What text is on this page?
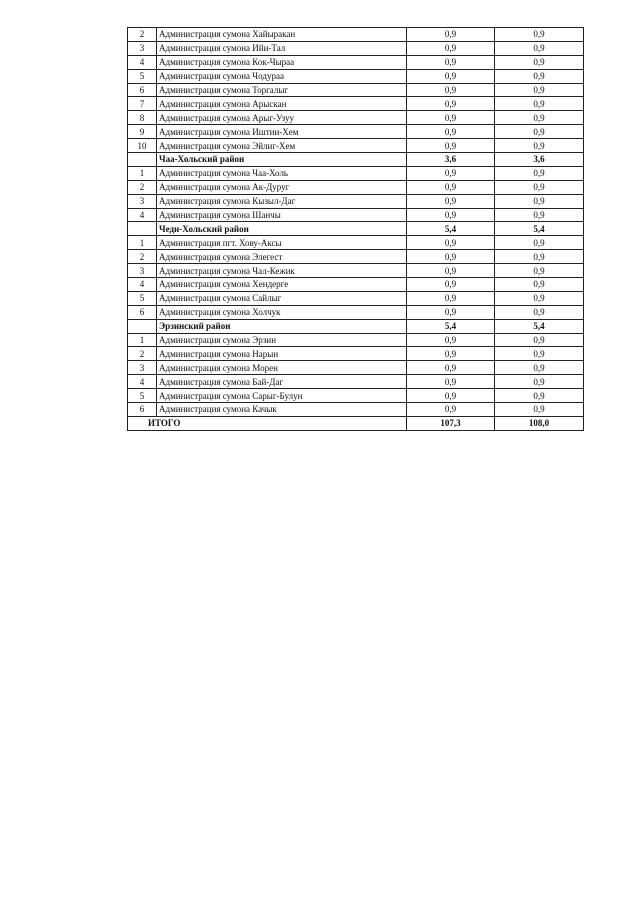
2	Администрация сумона Хайыракан	0,9	0,9
3	Администрация сумона Ийи-Тал	0,9	0,9
4	Администрация сумона Кок-Чыраа	0,9	0,9
5	Администрация сумона Чодураа	0,9	0,9
6	Администрация сумона Торгалыг	0,9	0,9
7	Администрация сумона Арыскан	0,9	0,9
8	Администрация сумона Арыг-Узуу	0,9	0,9
9	Администрация сумона Иштии-Хем	0,9	0,9
10	Администрация сумона Эйлиг-Хем	0,9	0,9
	Чаа-Хольский район	3,6	3,6
1	Администрация сумона Чаа-Холь	0,9	0,9
2	Администрация сумона Ак-Дуруг	0,9	0,9
3	Администрация сумона Кызыл-Даг	0,9	0,9
4	Администрация сумона Шанчы	0,9	0,9
	Чеди-Хольский район	5,4	5,4
1	Администрация пгт. Хову-Аксы	0,9	0,9
2	Администрация сумона Элегест	0,9	0,9
3	Администрация сумона Чал-Кежик	0,9	0,9
4	Администрация сумона Хендерге	0,9	0,9
5	Администрация сумона Сайлыг	0,9	0,9
6	Администрация сумона Холчук	0,9	0,9
	Эрзинский район	5,4	5,4
1	Администрация сумона Эрзин	0,9	0,9
2	Администрация сумона Нарын	0,9	0,9
3	Администрация сумона Морен	0,9	0,9
4	Администрация сумона Бай-Даг	0,9	0,9
5	Администрация сумона Сарыг-Булун	0,9	0,9
6	Администрация сумона Качык	0,9	0,9
ИТОГО		107,3	108,0
